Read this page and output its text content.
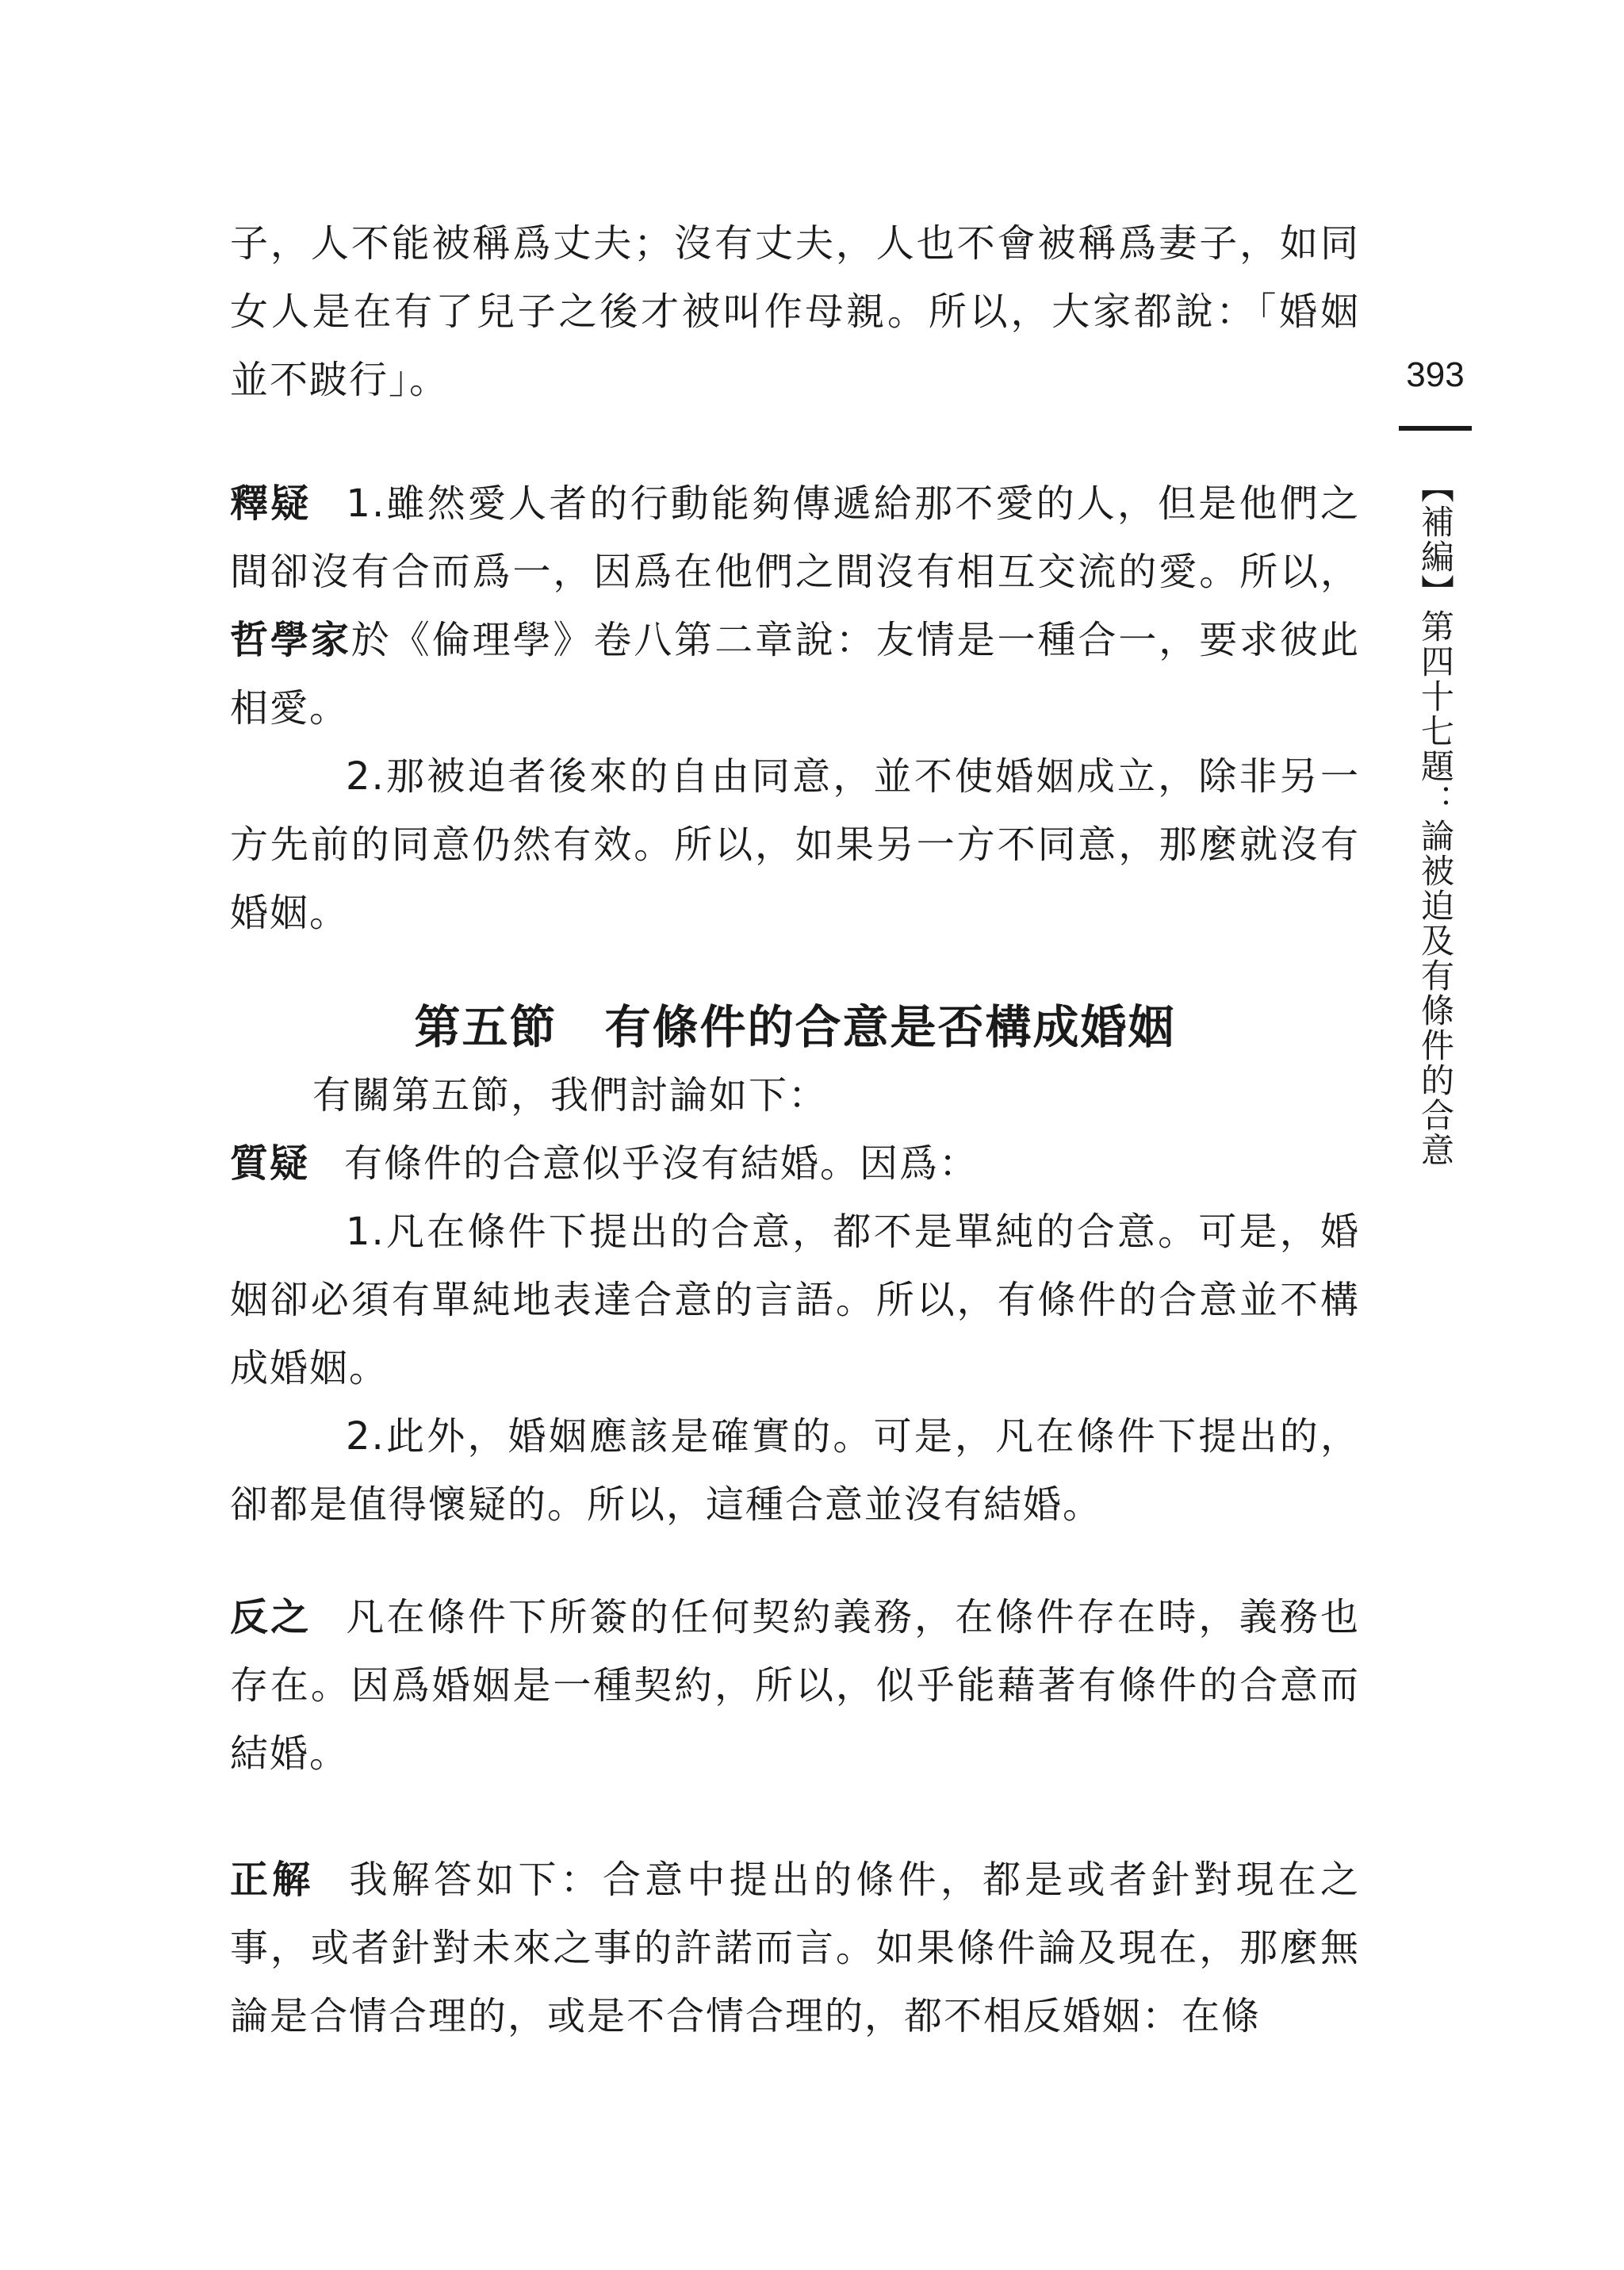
子，人不能被稱爲丈夫；沒有丈夫，人也不會被稱爲妻子，如同女人是在有了兒子之後才被叫作母親。所以，大家都說：「婚姻並不跛行」。

釋疑 1.雖然愛人者的行動能夠傳遞給那不愛的人，但是他們之間卻沒有合而爲一，因爲在他們之間沒有相互交流的愛。所以，哲學家於《倫理學》卷八第二章說：友情是一種合一，要求彼此相愛。

2.那被迫者後來的自由同意，並不使婚姻成立，除非另一方先前的同意仍然有效。所以，如果另一方不同意，那麼就沒有婚姻。

第五節　有條件的合意是否構成婚姻

有關第五節，我們討論如下：

質疑 有條件的合意似乎沒有結婚。因爲：

1.凡在條件下提出的合意，都不是單純的合意。可是，婚姻卻必須有單純地表達合意的言語。所以，有條件的合意並不構成婚姻。

2.此外，婚姻應該是確實的。可是，凡在條件下提出的，卻都是值得懷疑的。所以，這種合意並沒有結婚。

反之 凡在條件下所簽的任何契約義務，在條件存在時，義務也存在。因爲婚姻是一種契約，所以，似乎能藉著有條件的合意而結婚。

正解 我解答如下：合意中提出的條件，都是或者針對現在之事，或者針對未來之事的許諾而言。如果條件論及現在，那麼無論是合情合理的，或是不合情合理的，都不相反婚姻：在條

393
【補編】第四十七題：論被迫及有條件的合意
